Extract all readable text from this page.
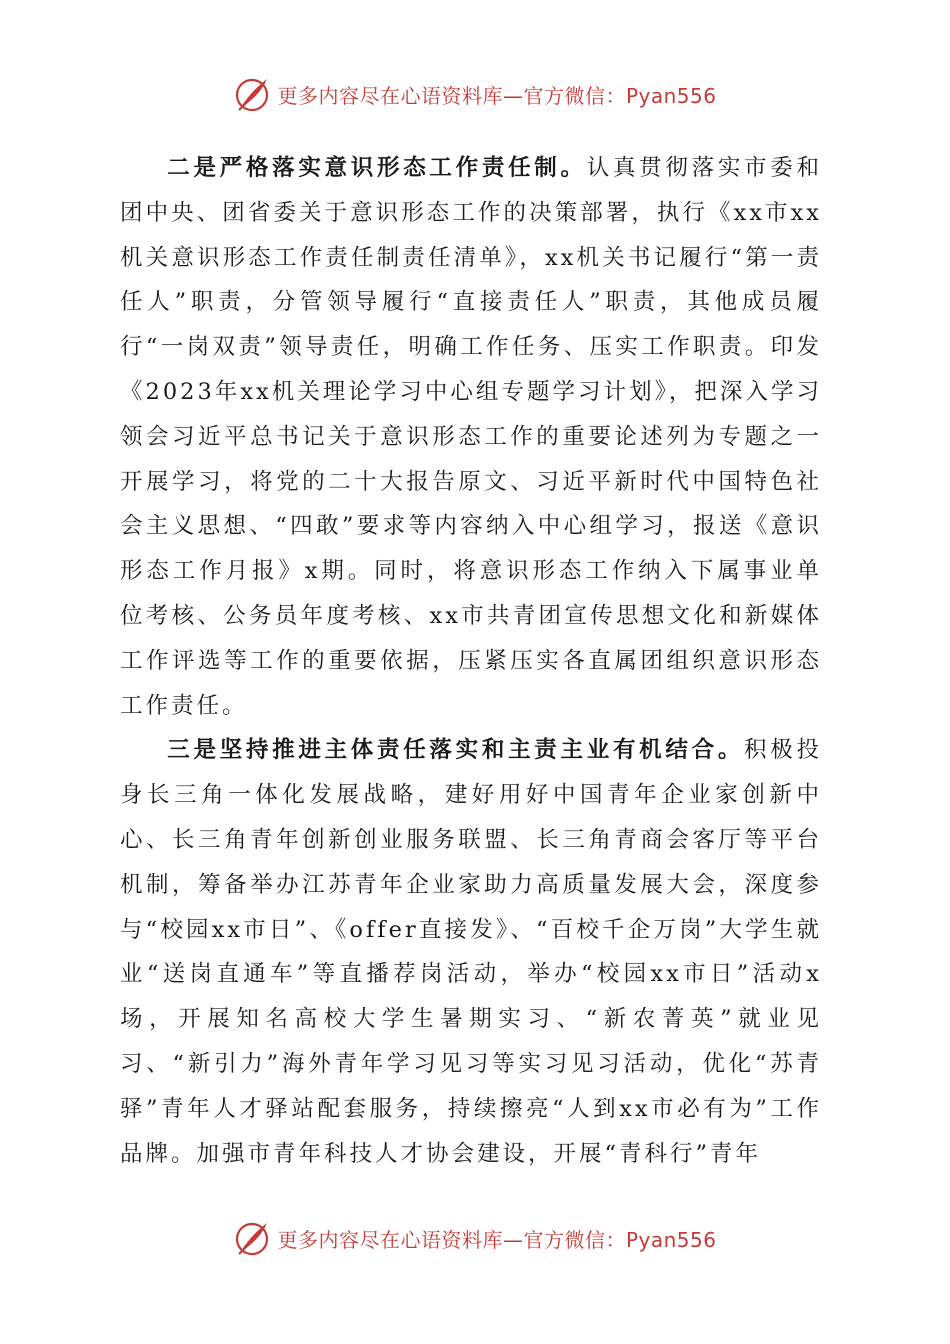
更多内容尽在心语资料库—官方微信：Pyan556

二是严格落实意识形态工作责任制。认真贯彻落实市委和团中央、团省委关于意识形态工作的决策部署，执行《xx市xx机关意识形态工作责任制责任清单》，xx机关书记履行“第一责任人”职责，分管领导履行“直接责任人”职责，其他成员履行“一岗双责”领导责任，明确工作任务、压实工作职责。印发《2023年xx机关理论学习中心组专题学习计划》，把深入学习领会习近平总书记关于意识形态工作的重要论述列为专题之一开展学习，将党的二十大报告原文、习近平新时代中国特色社会主义思想、“四敢”要求等内容纳入中心组学习，报送《意识形态工作月报》x期。同时，将意识形态工作纳入下属事业单位考核、公务员年度考核、xx市共青团宣传思想文化和新媒体工作评选等工作的重要依据，压紧压实各直属团组织意识形态工作责任。

三是坚持推进主体责任落实和主责主业有机结合。积极投身长三角一体化发展战略，建好用好中国青年企业家创新中心、长三角青年创新创业服务联盟、长三角青商会客厅等平台机制，筹备举办江苏青年企业家助力高质量发展大会，深度参与“校园xx市日”、《offer直接发》、“百校千企万岗”大学生就业“送岗直通车”等直播荐岗活动，举办“校园xx市日”活动x场，开展知名高校大学生暑期实习、“新农菁英”就业见习、“新引力”海外青年学习见习等实习见习活动，优化“苏青驿”青年人才驿站配套服务，持续擦亮“人到xx市必有为”工作品牌。加强市青年科技人才协会建设，开展“青科行”青年

更多内容尽在心语资料库—官方微信：Pyan556
